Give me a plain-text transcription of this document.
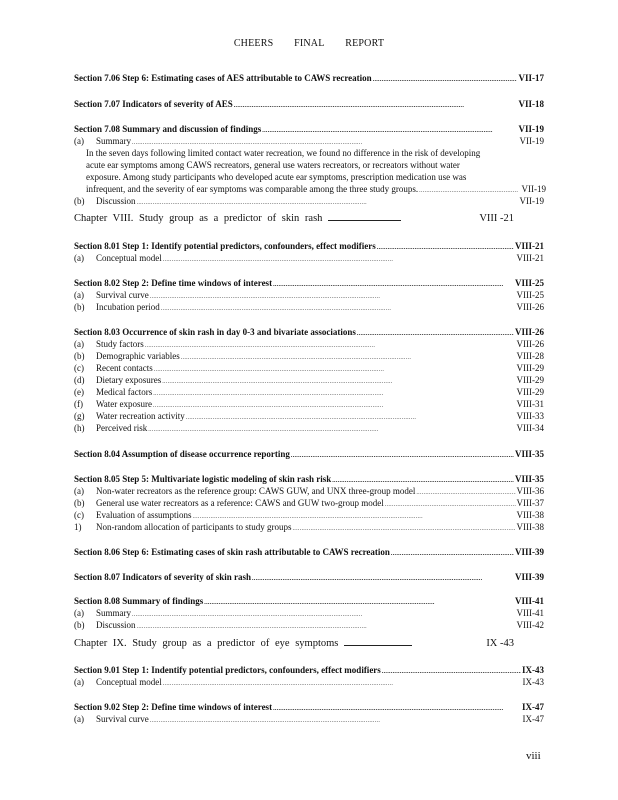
CHEERS FINAL REPORT
Section 7.06 Step 6: Estimating cases of AES attributable to CAWS recreation . . .	VII-17
Section 7.07 Indicators of severity of AES . . .	VII-18
Section 7.08 Summary and discussion of findings . . .	VII-19
(a)	Summary . . .	VII-19
In the seven days following limited contact water recreation, we found no difference in the risk of developing
acute ear symptoms among CAWS recreators, general use waters recreators, or recreators without water
exposure. Among study participants who developed acute ear symptoms, prescription medication use was
infrequent, and the severity of ear symptoms was comparable among the three study groups. . . .	VII-19
(b)	Discussion . . .	VII-19
Chapter VIII. Study group as a predictor of skin rash	VIII -21
Section 8.01 Step 1: Identify potential predictors, confounders, effect modifiers . . .	VIII-21
(a)	Conceptual model . . .	VIII-21
Section 8.02 Step 2: Define time windows of interest . . .	VIII-25
(a)	Survival curve . . .	VIII-25
(b)	Incubation period . . .	VIII-26
Section 8.03 Occurrence of skin rash in day 0-3 and bivariate associations . . .	VIII-26
(a)	Study factors . . .	VIII-26
(b)	Demographic variables . . .	VIII-28
(c)	Recent contacts . . .	VIII-29
(d)	Dietary exposures . . .	VIII-29
(e)	Medical factors . . .	VIII-29
(f)	Water exposure . . .	VIII-31
(g)	Water recreation activity . . .	VIII-33
(h)	Perceived risk . . .	VIII-34
Section 8.04 Assumption of disease occurrence reporting . . .	VIII-35
Section 8.05 Step 5: Multivariate logistic modeling of skin rash risk . . .	VIII-35
(a)	Non-water recreators as the reference group: CAWS GUW, and UNX three-group model . . .	VIII-36
(b)	General use water recreators as a reference: CAWS and GUW two-group model . . .	VIII-37
(c)	Evaluation of assumptions . . .	VIII-38
1)	Non-random allocation of participants to study groups . . .	VIII-38
Section 8.06 Step 6: Estimating cases of skin rash attributable to CAWS recreation . . .	VIII-39
Section 8.07 Indicators of severity of skin rash . . .	VIII-39
Section 8.08 Summary of findings . . .	VIII-41
(a)	Summary . . .	VIII-41
(b)	Discussion . . .	VIII-42
Chapter IX. Study group as a predictor of eye symptoms	IX -43
Section 9.01 Step 1: Indentify potential predictors, confounders, effect modifiers . . .	IX-43
(a)	Conceptual model . . .	IX-43
Section 9.02 Step 2: Define time windows of interest . . .	IX-47
(a)	Survival curve . . .	IX-47
viii
